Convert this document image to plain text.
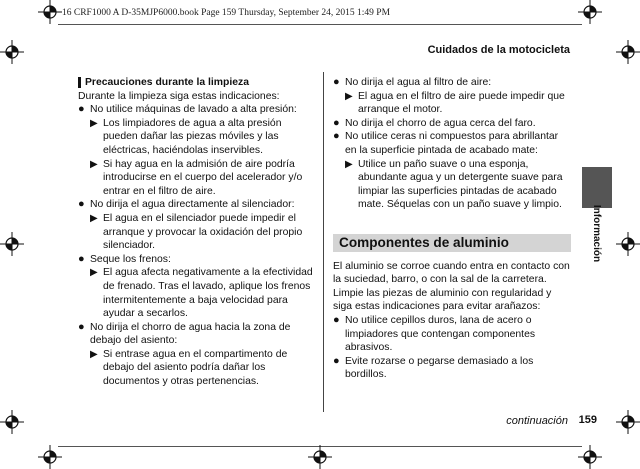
16 CRF1000 A D-35MJP6000.book Page 159 Thursday, September 24, 2015 1:49 PM
Cuidados de la motocicleta
Precauciones durante la limpieza
Durante la limpieza siga estas indicaciones:
● No utilice máquinas de lavado a alta presión:
▶ Los limpiadores de agua a alta presión pueden dañar las piezas móviles y las eléctricas, haciéndolas inservibles.
▶ Si hay agua en la admisión de aire podría introducirse en el cuerpo del acelerador y/o entrar en el filtro de aire.
● No dirija el agua directamente al silenciador:
▶ El agua en el silenciador puede impedir el arranque y provocar la oxidación del propio silenciador.
● Seque los frenos:
▶ El agua afecta negativamente a la efectividad de frenado. Tras el lavado, aplique los frenos intermitentemente a baja velocidad para ayudar a secarlos.
● No dirija el chorro de agua hacia la zona de debajo del asiento:
▶ Si entrase agua en el compartimento de debajo del asiento podría dañar los documentos y otras pertenencias.
● No dirija el agua al filtro de aire:
▶ El agua en el filtro de aire puede impedir que arranque el motor.
● No dirija el chorro de agua cerca del faro.
● No utilice ceras ni compuestos para abrillantar en la superficie pintada de acabado mate:
▶ Utilice un paño suave o una esponja, abundante agua y un detergente suave para limpiar las superficies pintadas de acabado mate. Séquelas con un paño suave y limpio.
Componentes de aluminio
El aluminio se corroe cuando entra en contacto con la suciedad, barro, o con la sal de la carretera. Limpie las piezas de aluminio con regularidad y siga estas indicaciones para evitar arañazos:
● No utilice cepillos duros, lana de acero o limpiadores que contengan componentes abrasivos.
● Evite rozarse o pegarse demasiado a los bordillos.
Información
continuación 159
